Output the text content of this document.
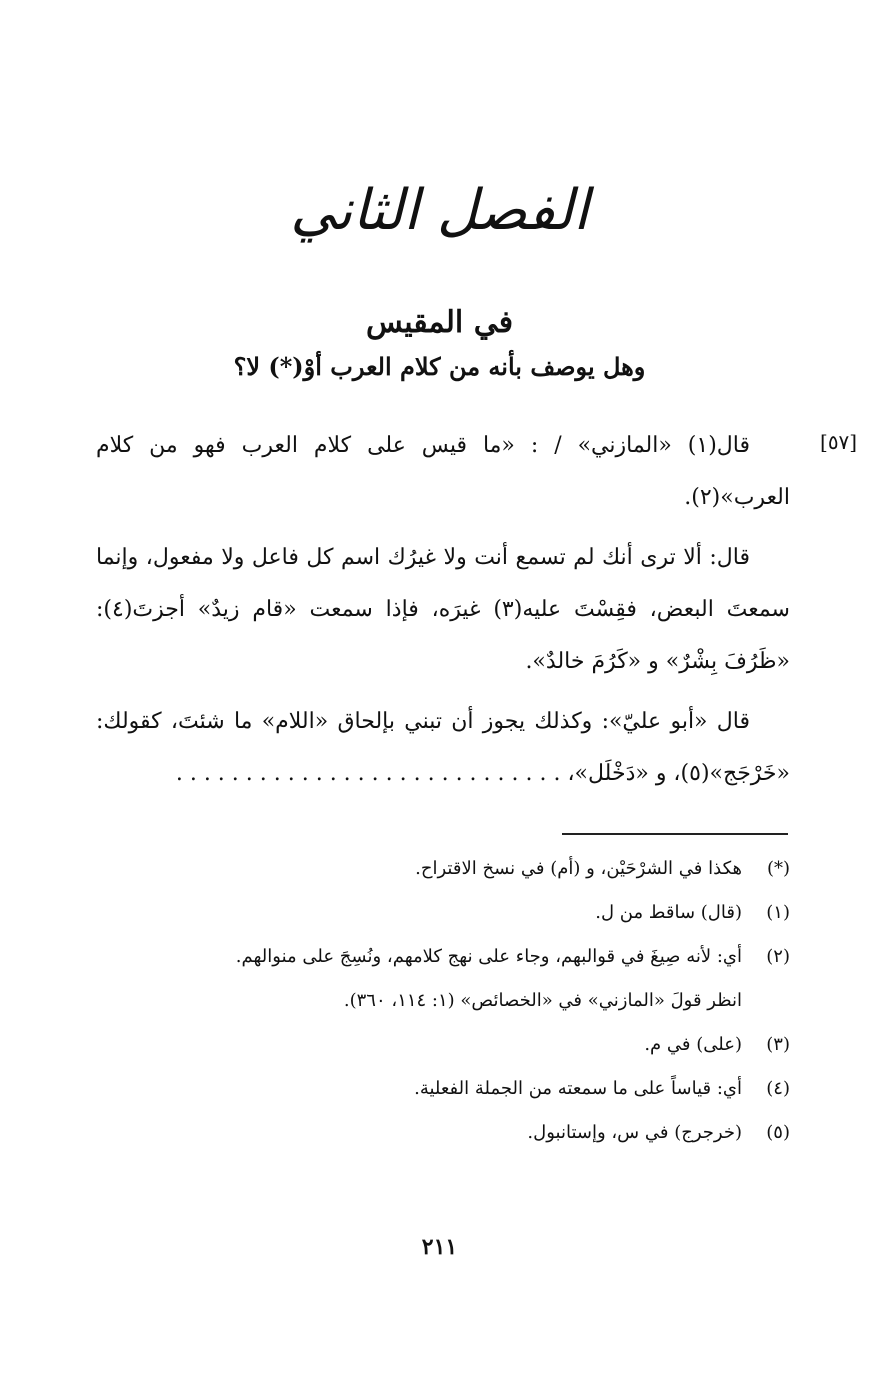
الفصل الثاني
في المقيس
وهل يوصف بأنه من كلام العرب أوْ(*) لا؟
[٥٧]

قال(١) «المازني» / : «ما قيس على كلام العرب فهو من كلام العرب»(٢).

قال: ألا ترى أنك لم تسمع أنت ولا غيرُك اسم كل فاعل ولا مفعول، وإنما سمعتَ البعض، فقِسْتَ عليه(٣) غيرَه، فإذا سمعت «قام زيدٌ» أجزتَ(٤): «ظَرُفَ بِشْرٌ» و «كَرُمَ خالدٌ».

قال «أبو عليّ»: وكذلك يجوز أن تبني بإلحاق «اللام» ما شئتَ، كقولك: «خَرْجَج»(٥)، و «دَخْلَل»، . . . . . . . . . . . . . . . . . . . . . . . . . . . .

(*)
هكذا في الشرْحَيْن، و (أم) في نسخ الاقتراح.
(١)
(قال) ساقط من ل.
(٢)
أي: لأنه صِيغَ في قوالبهم، وجاء على نهج كلامهم، ونُسِجَ على منوالهم.
انظر قولَ «المازني» في «الخصائص» (١: ١١٤، ٣٦٠).
(٣)
(على) في م.
(٤)
أي: قياساً على ما سمعته من الجملة الفعلية.
(٥)
(خرجرج) في س، وإستانبول.
٢١١
